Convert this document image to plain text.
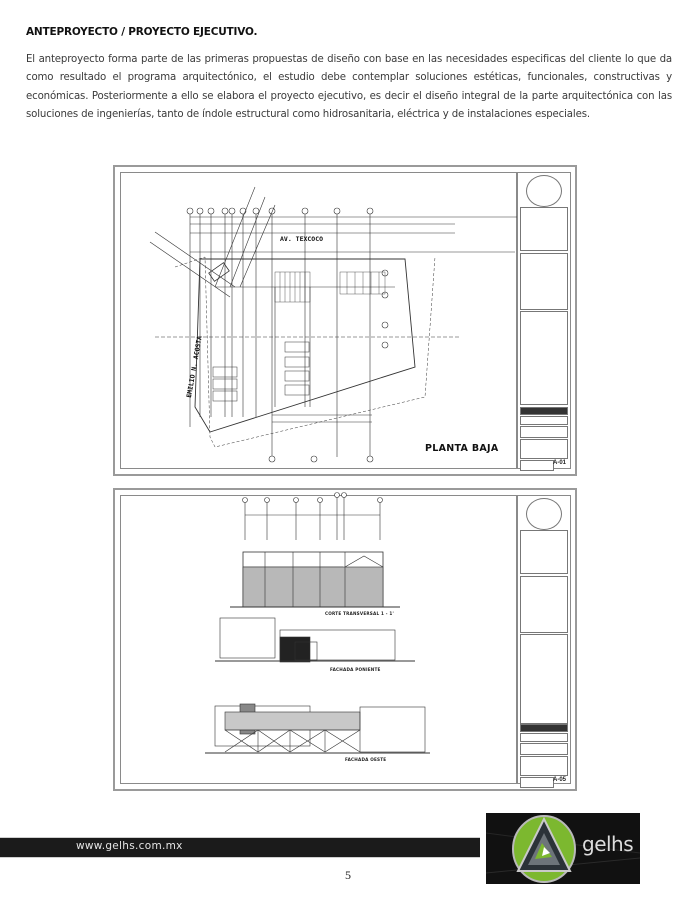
ANTEPROYECTO / PROYECTO EJECUTIVO.

El anteproyecto forma parte de las primeras propuestas de diseño con base en las necesidades especificas del cliente lo que da como resultado el programa arquitectónico, el estudio debe contemplar soluciones estéticas, funcionales, constructivas y económicas. Posteriormente a ello se elabora el proyecto ejecutivo, es decir el diseño integral de la parte arquitectónica con las soluciones de ingenierías, tanto de índole estructural como hidrosanitaria, eléctrica y de instalaciones especiales.

AV. TEXCOCO
EMILIO N. ACOSTA
PLANTA BAJA
A-01
CORTE TRANSVERSAL 1 - 1'
FACHADA PONIENTE
FACHADA OESTE
A-05
www.gelhs.com.mx	gelhs
5
